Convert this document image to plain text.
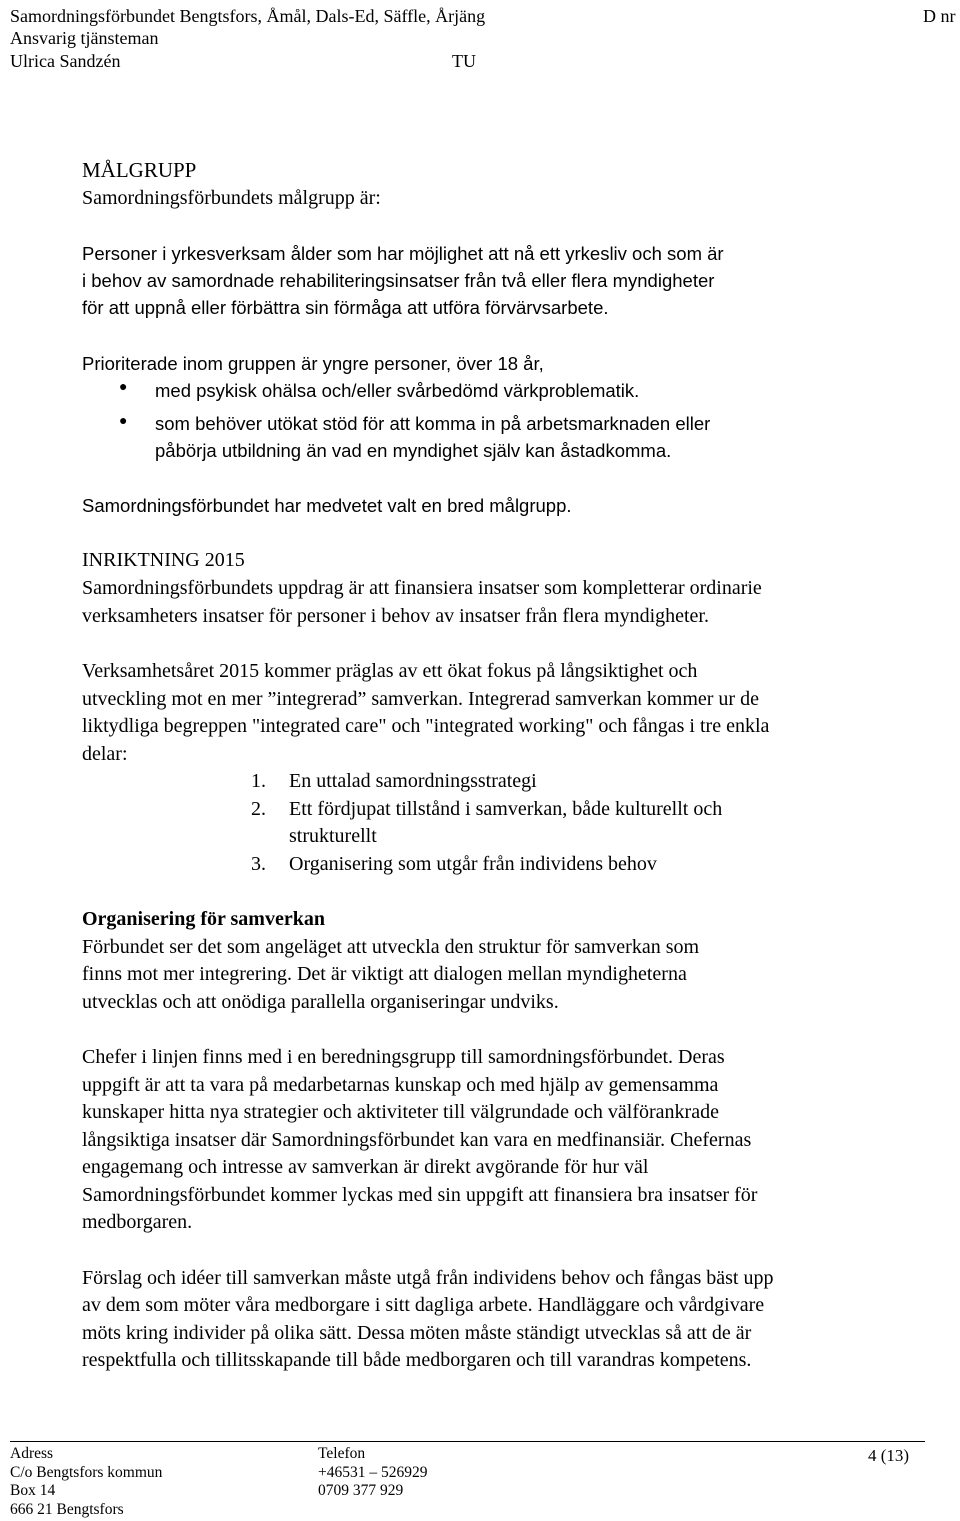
Samordningsförbundet Bengtsfors, Åmål, Dals-Ed, Säffle, Årjäng	D nr
Ansvarig tjänsteman
Ulrica Sandzén	TU
MÅLGRUPP
Samordningsförbundets målgrupp är:
Personer i yrkesverksam ålder som har möjlighet att nå ett yrkesliv och som är
i behov av samordnade rehabiliteringsinsatser från två eller flera myndigheter
för att uppnå eller förbättra sin förmåga att utföra förvärvsarbete.
Prioriterade inom gruppen är yngre personer, över 18 år,
● med psykisk ohälsa och/eller svårbedömd värkproblematik.
● som behöver utökat stöd för att komma in på arbetsmarknaden eller
påbörja utbildning än vad en myndighet själv kan åstadkomma.
Samordningsförbundet har medvetet valt en bred målgrupp.
INRIKTNING 2015
Samordningsförbundets uppdrag är att finansiera insatser som kompletterar ordinarie
verksamheters insatser för personer i behov av insatser från flera myndigheter.
Verksamhetsåret 2015 kommer präglas av ett ökat fokus på långsiktighet och
utveckling mot en mer ”integrerad” samverkan. Integrerad samverkan kommer ur de
liktydliga begreppen "integrated care" och "integrated working" och fångas i tre enkla
delar:
1. En uttalad samordningsstrategi
2. Ett fördjupat tillstånd i samverkan, både kulturellt och
strukturellt
3. Organisering som utgår från individens behov
Organisering för samverkan
Förbundet ser det som angeläget att utveckla den struktur för samverkan som
finns mot mer integrering. Det är viktigt att dialogen mellan myndigheterna
utvecklas och att onödiga parallella organiseringar undviks.
Chefer i linjen finns med i en beredningsgrupp till samordningsförbundet. Deras
uppgift är att ta vara på medarbetarnas kunskap och med hjälp av gemensamma
kunskaper hitta nya strategier och aktiviteter till välgrundade och välförankrade
långsiktiga insatser där Samordningsförbundet kan vara en medfinansiär. Chefernas
engagemang och intresse av samverkan är direkt avgörande för hur väl
Samordningsförbundet kommer lyckas med sin uppgift att finansiera bra insatser för
medborgaren.
Förslag och idéer till samverkan måste utgå från individens behov och fångas bäst upp
av dem som möter våra medborgare i sitt dagliga arbete. Handläggare och vårdgivare
möts kring individer på olika sätt. Dessa möten måste ständigt utvecklas så att de är
respektfulla och tillitsskapande till både medborgaren och till varandras kompetens.
Adress
C/o Bengtsfors kommun
Box 14
666 21 Bengtsfors
Telefon
+46531 – 526929
0709 377 929
4 (13)
